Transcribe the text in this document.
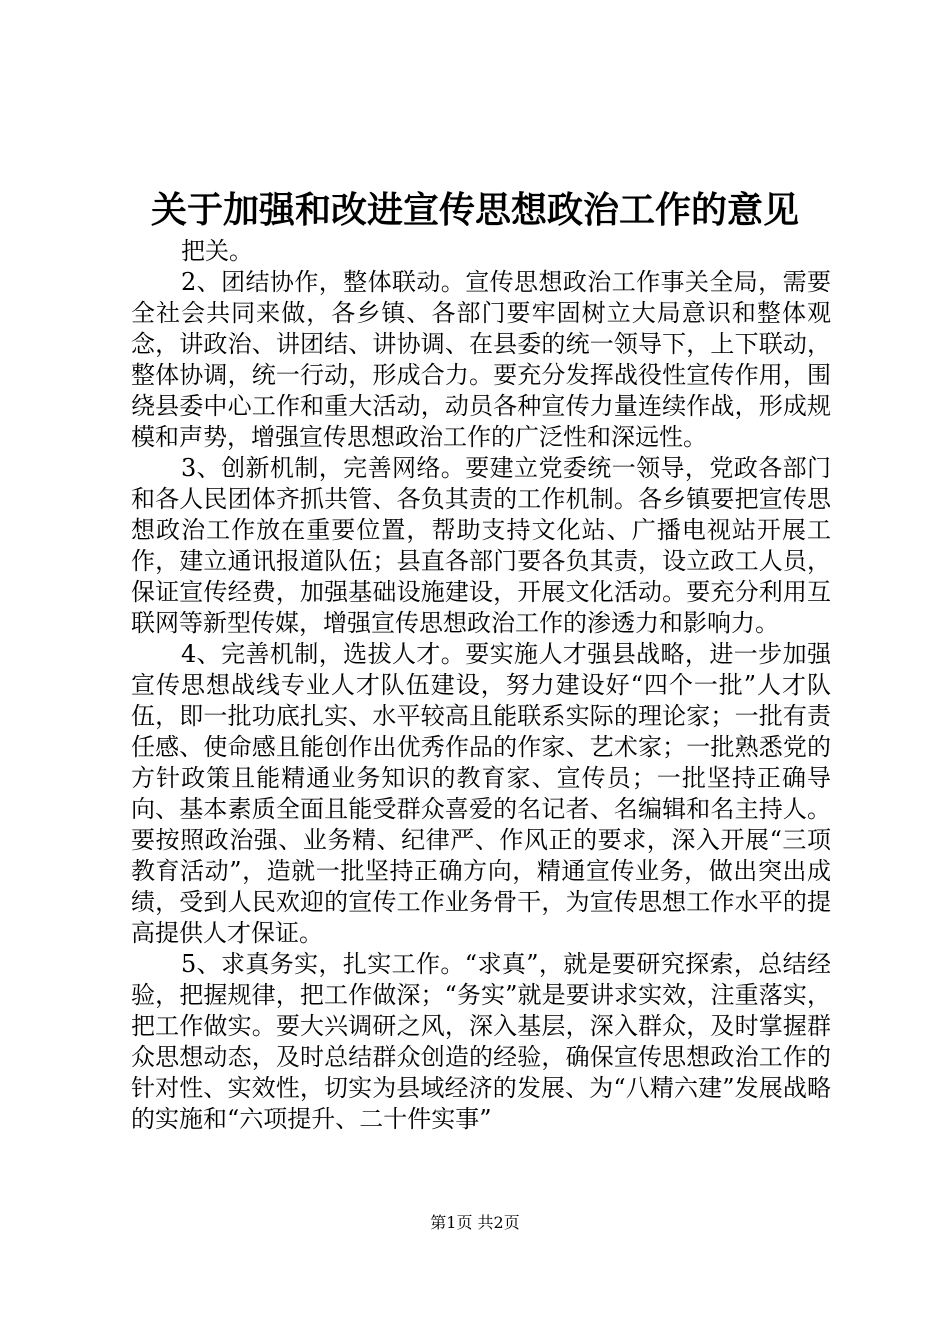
关于加强和改进宣传思想政治工作的意见

把关。

2、团结协作，整体联动。宣传思想政治工作事关全局，需要全社会共同来做，各乡镇、各部门要牢固树立大局意识和整体观念，讲政治、讲团结、讲协调、在县委的统一领导下，上下联动，整体协调，统一行动，形成合力。要充分发挥战役性宣传作用，围绕县委中心工作和重大活动，动员各种宣传力量连续作战，形成规模和声势，增强宣传思想政治工作的广泛性和深远性。

3、创新机制，完善网络。要建立党委统一领导，党政各部门和各人民团体齐抓共管、各负其责的工作机制。各乡镇要把宣传思想政治工作放在重要位置，帮助支持文化站、广播电视站开展工作，建立通讯报道队伍；县直各部门要各负其责，设立政工人员，保证宣传经费，加强基础设施建设，开展文化活动。要充分利用互联网等新型传媒，增强宣传思想政治工作的渗透力和影响力。

4、完善机制，选拔人才。要实施人才强县战略，进一步加强宣传思想战线专业人才队伍建设，努力建设好“四个一批”人才队伍，即一批功底扎实、水平较高且能联系实际的理论家；一批有责任感、使命感且能创作出优秀作品的作家、艺术家；一批熟悉党的方针政策且能精通业务知识的教育家、宣传员；一批坚持正确导向、基本素质全面且能受群众喜爱的名记者、名编辑和名主持人。要按照政治强、业务精、纪律严、作风正的要求，深入开展“三项教育活动”，造就一批坚持正确方向，精通宣传业务，做出突出成绩，受到人民欢迎的宣传工作业务骨干，为宣传思想工作水平的提高提供人才保证。

5、求真务实，扎实工作。“求真”，就是要研究探索，总结经验，把握规律，把工作做深；“务实”就是要讲求实效，注重落实，把工作做实。要大兴调研之风，深入基层，深入群众，及时掌握群众思想动态，及时总结群众创造的经验，确保宣传思想政治工作的针对性、实效性，切实为县域经济的发展、为“八精六建”发展战略的实施和“六项提升、二十件实事”

第1页 共2页
